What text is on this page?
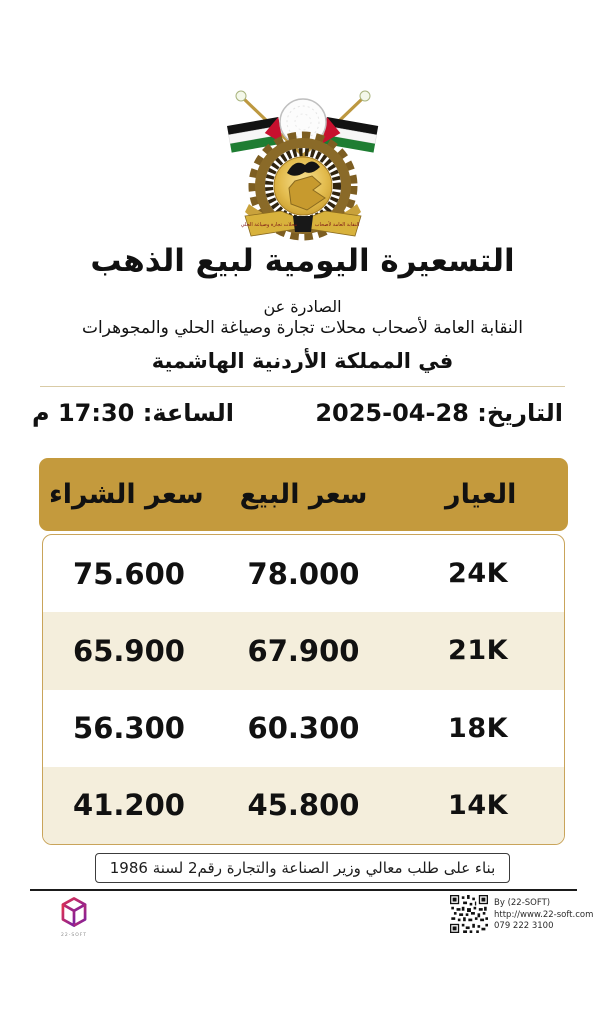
النقابة العامة لأصحاب
محلات تجارة وصياغة الحلي
التسعيرة اليومية لبيع الذهب
الصادرة عن
النقابة العامة لأصحاب محلات تجارة وصياغة الحلي والمجوهرات
في المملكة الأردنية الهاشمية
التاريخ: 28-04-2025
الساعة: 17:30 م
العيار
سعر البيع
سعر الشراء
24K
78.000
75.600
21K
67.900
65.900
18K
60.300
56.300
14K
45.800
41.200
بناء على طلب معالي وزير الصناعة والتجارة رقم2 لسنة 1986
22-SOFT
By (22-SOFT)
http://www.22-soft.com
079 222 3100
